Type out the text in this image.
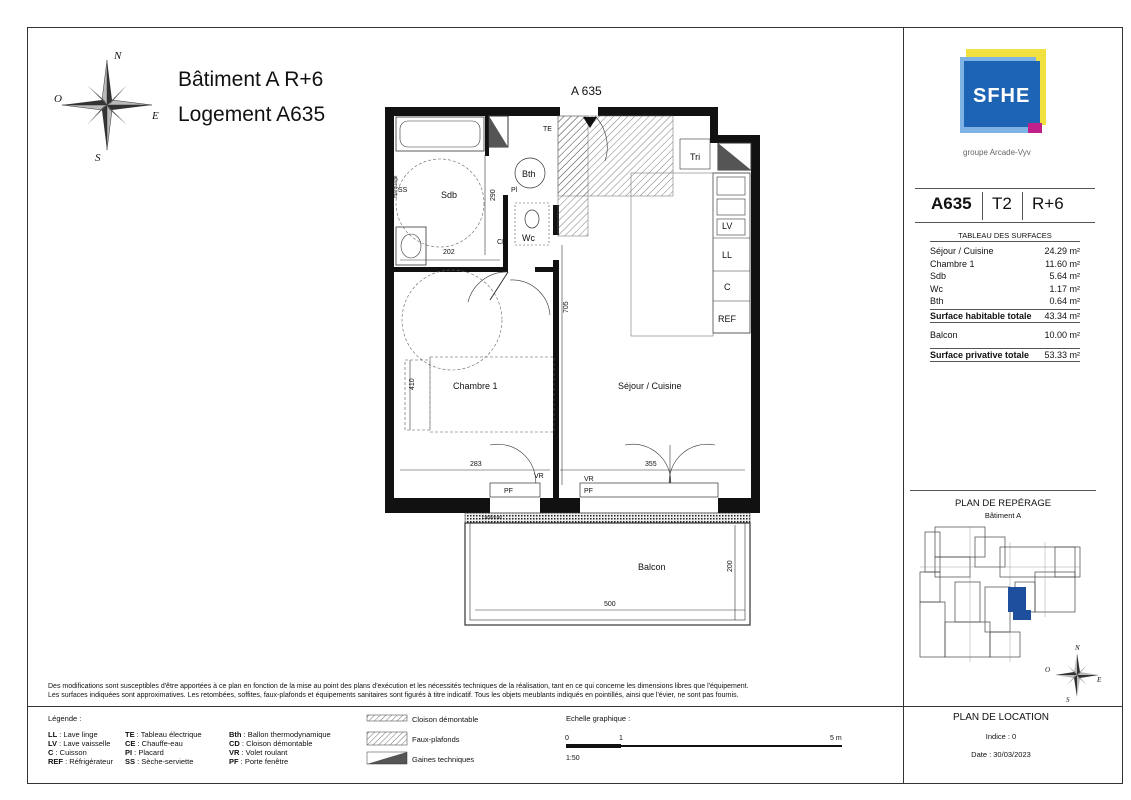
N
S
O
E
Bâtiment A R+6
Logement A635
A 635
Sdb
Bth
Wc
Chambre 1	Séjour / Cuisine
Balcon
Tri
TE
SS
LL
LV
C
REF
Pl
CD
VR
PF
VR
PF
caniveau
marquage
202
290
705
410
283	355
200
500
SFHE
groupe Arcade-Vyv
A635 T2 R+6
TABLEAU DES SURFACES
Séjour / Cuisine	24.29 m²
Chambre 1	11.60 m²
Sdb	5.64 m²
Wc	1.17 m²
Bth	0.64 m²
Surface habitable totale 43.34 m²
Balcon	10.00 m²
Surface privative totale 53.33 m²
PLAN DE REPÉRAGE
Bâtiment A
N
S
O
E
PLAN DE LOCATION
Indice : 0
Date : 30/03/2023
Des modifications sont susceptibles d'être apportées à ce plan en fonction de la mise au point des plans d'exécution et les nécessités techniques de la réalisation, tant en ce qui concerne les dimensions libres que l'équipement.
Les surfaces indiquées sont approximatives. Les retombées, soffites, faux-plafonds et équipements sanitaires sont figurés à titre indicatif. Tous les objets meublants indiqués en pointillés, ainsi que l'évier, ne sont pas fournis.
Légende :
LL : Lave linge
LV : Lave vaisselle
C : Cuisson
REF : Réfrigérateur
TE : Tableau électrique
CE : Chauffe-eau
PI : Placard
SS : Sèche-serviette
Bth : Ballon thermodynamique
CD : Cloison démontable
VR : Volet roulant
PF : Porte fenêtre
Cloison démontable
Faux-plafonds
Gaines techniques
Echelle graphique :
0	1	5 m
1:50
